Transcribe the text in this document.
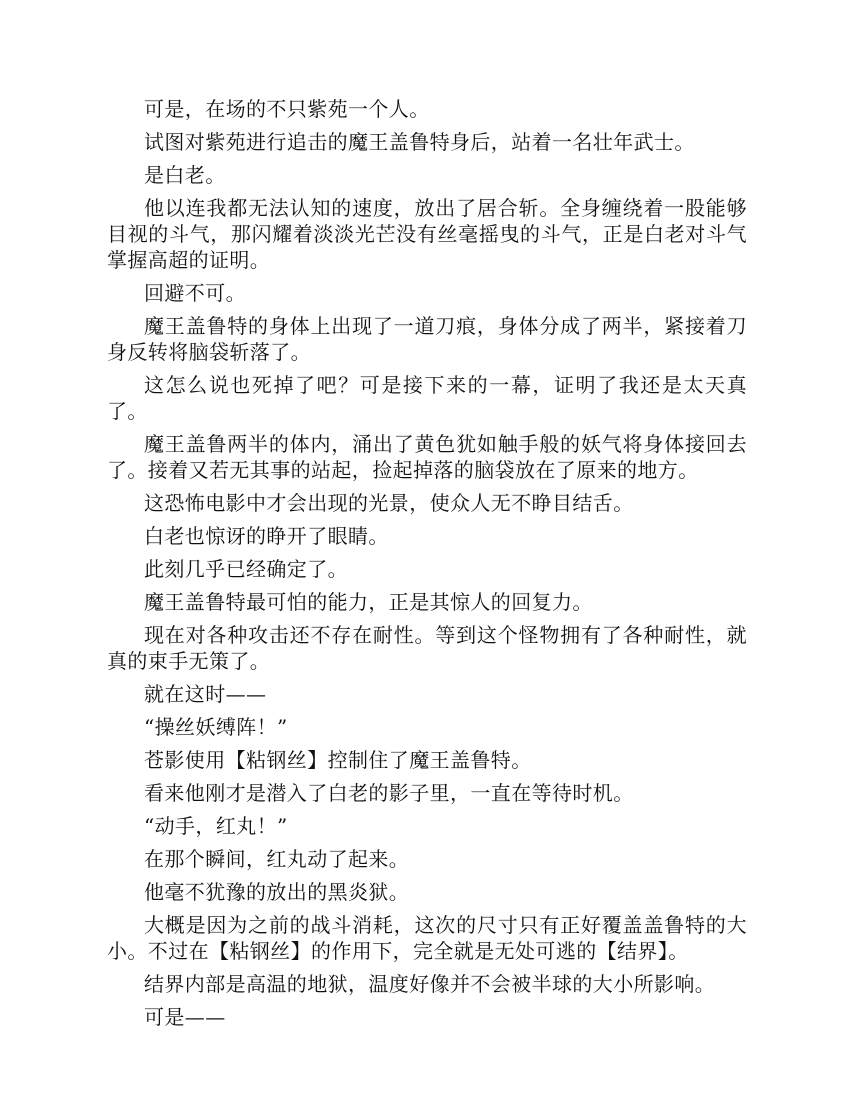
可是，在场的不只紫苑一个人。

试图对紫苑进行追击的魔王盖鲁特身后，站着一名壮年武士。

是白老。

他以连我都无法认知的速度，放出了居合斩。全身缠绕着一股能够目视的斗气，那闪耀着淡淡光芒没有丝毫摇曳的斗气，正是白老对斗气掌握高超的证明。

回避不可。

魔王盖鲁特的身体上出现了一道刀痕，身体分成了两半，紧接着刀身反转将脑袋斩落了。

这怎么说也死掉了吧？可是接下来的一幕，证明了我还是太天真了。

魔王盖鲁两半的体内，涌出了黄色犹如触手般的妖气将身体接回去了。接着又若无其事的站起，捡起掉落的脑袋放在了原来的地方。

这恐怖电影中才会出现的光景，使众人无不睁目结舌。

白老也惊讶的睁开了眼睛。

此刻几乎已经确定了。

魔王盖鲁特最可怕的能力，正是其惊人的回复力。

现在对各种攻击还不存在耐性。等到这个怪物拥有了各种耐性，就真的束手无策了。

就在这时——

“操丝妖缚阵！”

苍影使用【粘钢丝】控制住了魔王盖鲁特。

看来他刚才是潜入了白老的影子里，一直在等待时机。

“动手，红丸！”

在那个瞬间，红丸动了起来。

他毫不犹豫的放出的黑炎狱。

大概是因为之前的战斗消耗，这次的尺寸只有正好覆盖盖鲁特的大小。不过在【粘钢丝】的作用下，完全就是无处可逃的【结界】。

结界内部是高温的地狱，温度好像并不会被半球的大小所影响。

可是——
